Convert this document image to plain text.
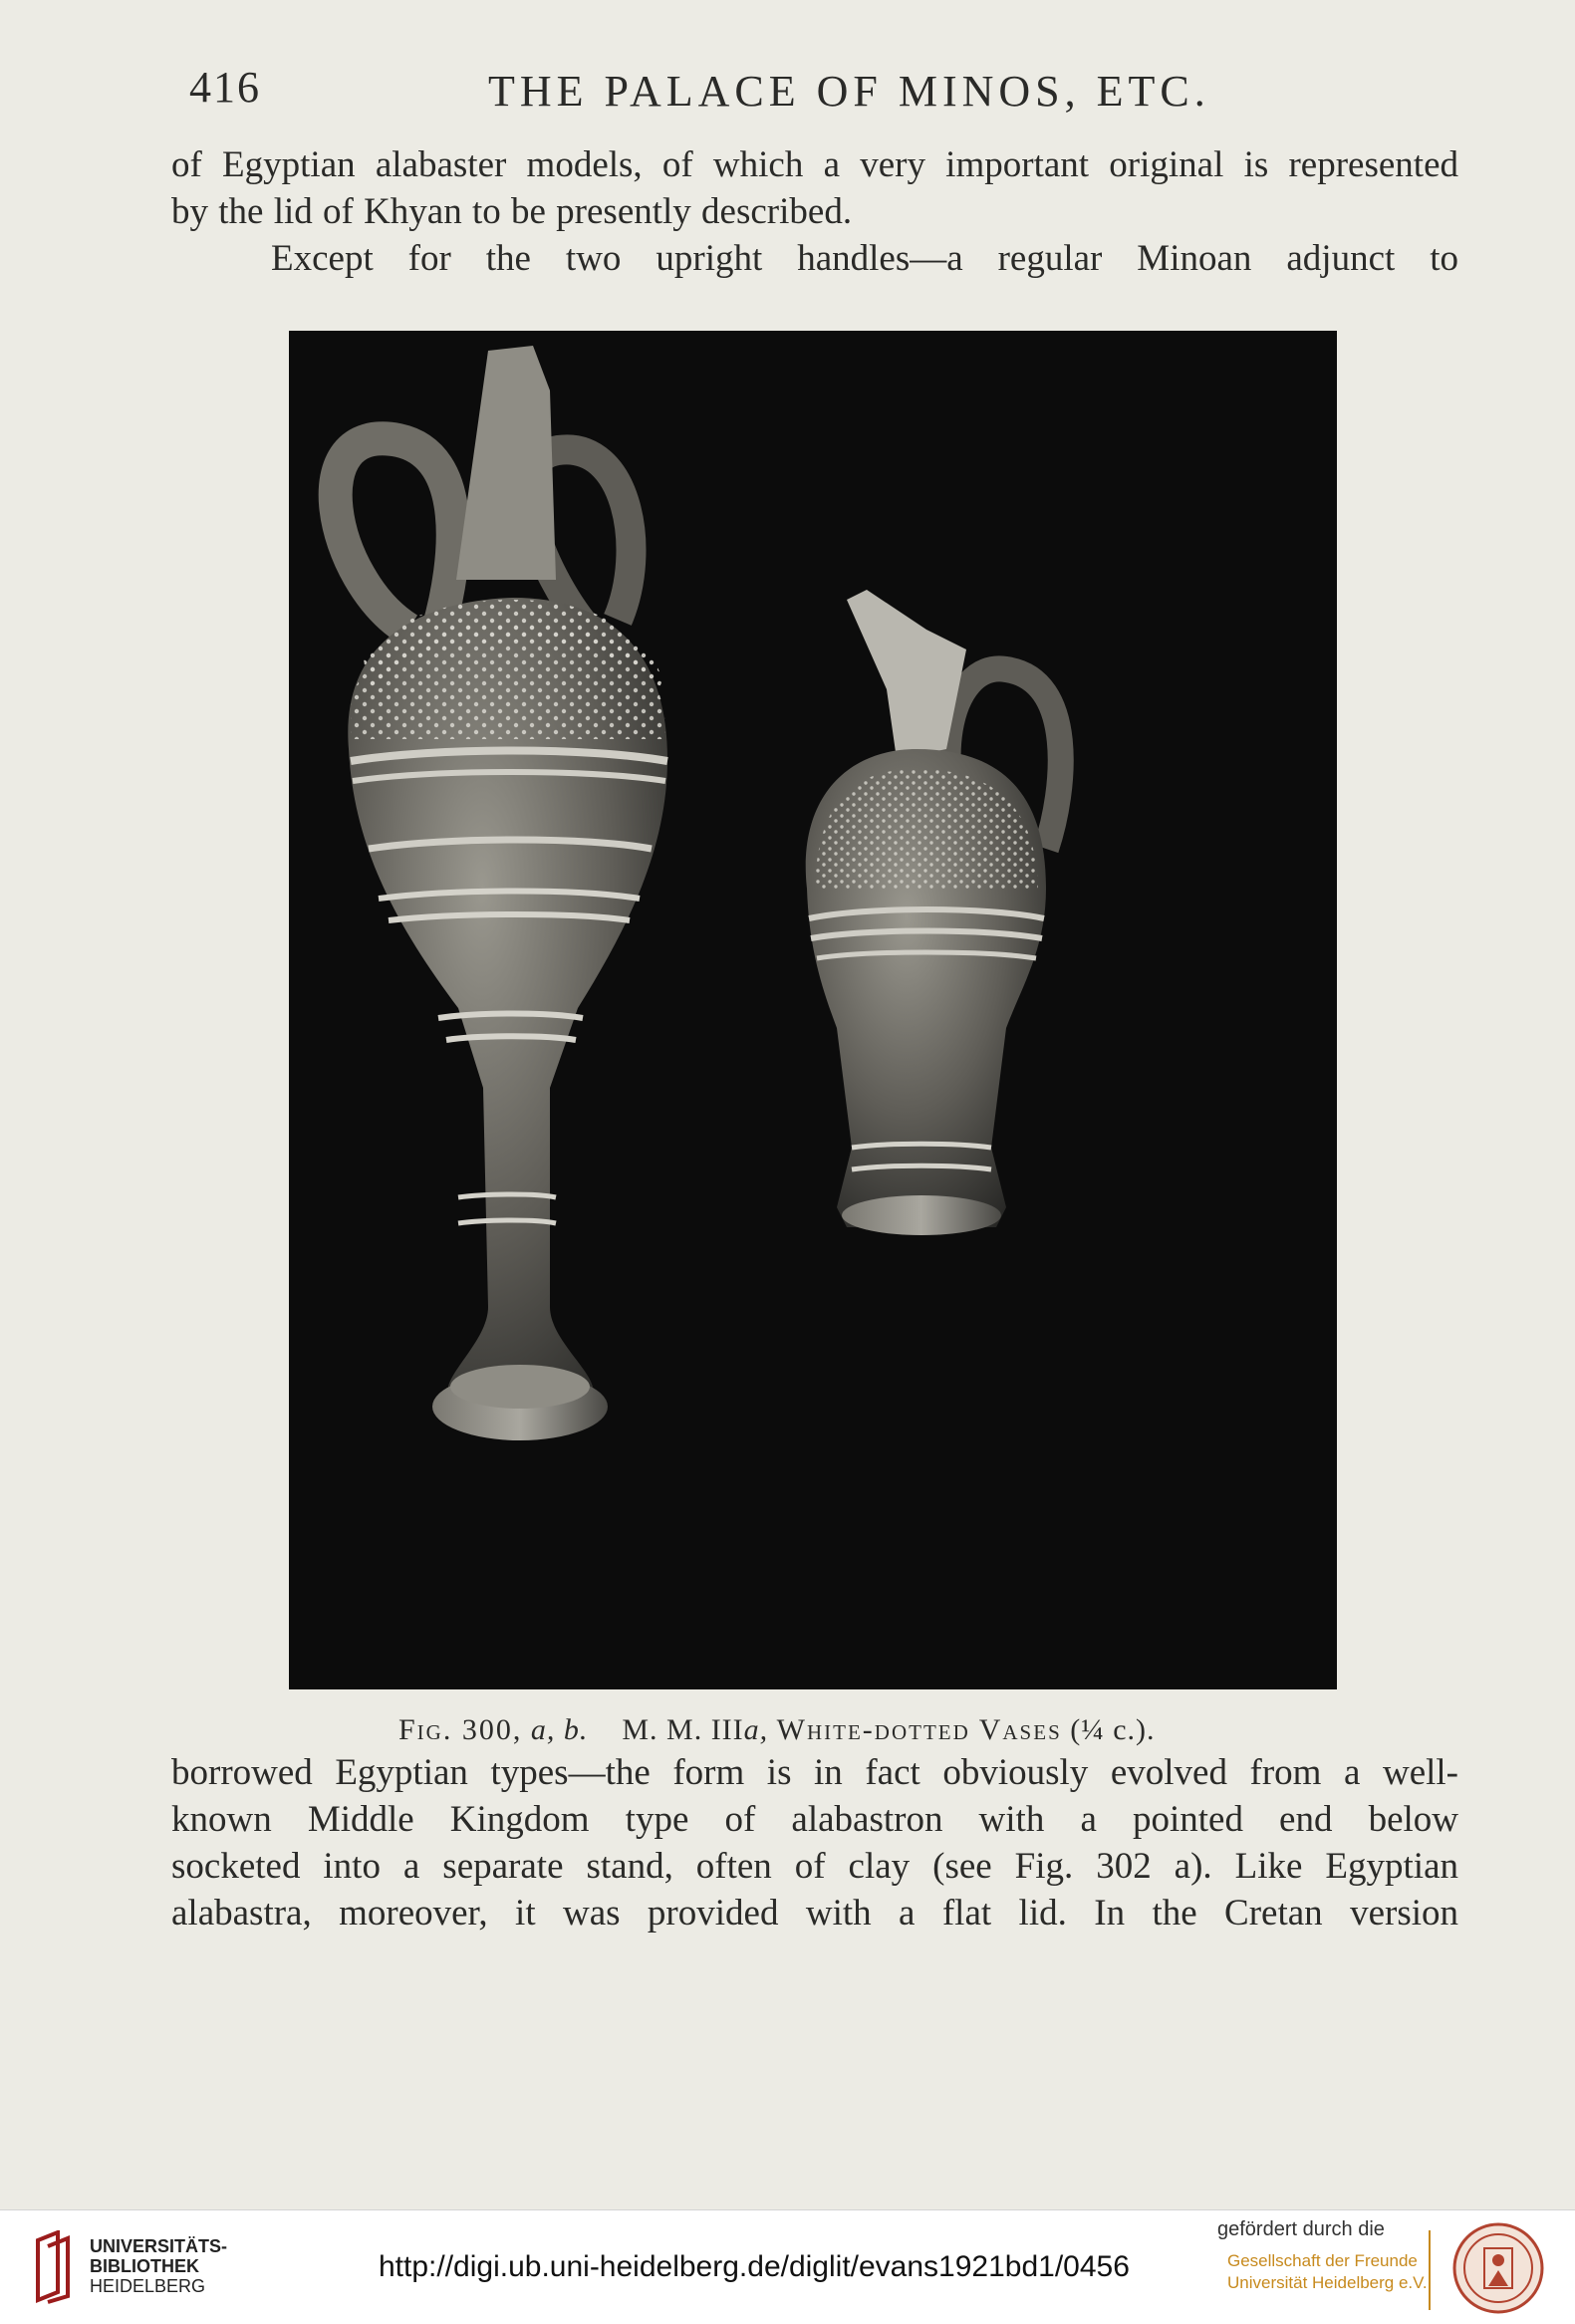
416	THE PALACE OF MINOS, ETC.
of Egyptian alabaster models, of which a very important original is represented
by the lid of Khyan to be presently described.
Except for the two upright handles—a regular Minoan adjunct to
Fig. 300, a, b. M. M. IIIa, White-dotted Vases (¼ c.).
borrowed Egyptian types—the form is in fact obviously evolved from a well-
known Middle Kingdom type of alabastron with a pointed end below
socketed into a separate stand, often of clay (see Fig. 302 a). Like Egyptian
alabastra, moreover, it was provided with a flat lid. In the Cretan version
UNIVERSITÄTS-
BIBLIOTHEK
HEIDELBERG
http://digi.ub.uni-heidelberg.de/diglit/evans1921bd1/0456
gefördert durch die
Gesellschaft der Freunde
Universität Heidelberg e.V.
